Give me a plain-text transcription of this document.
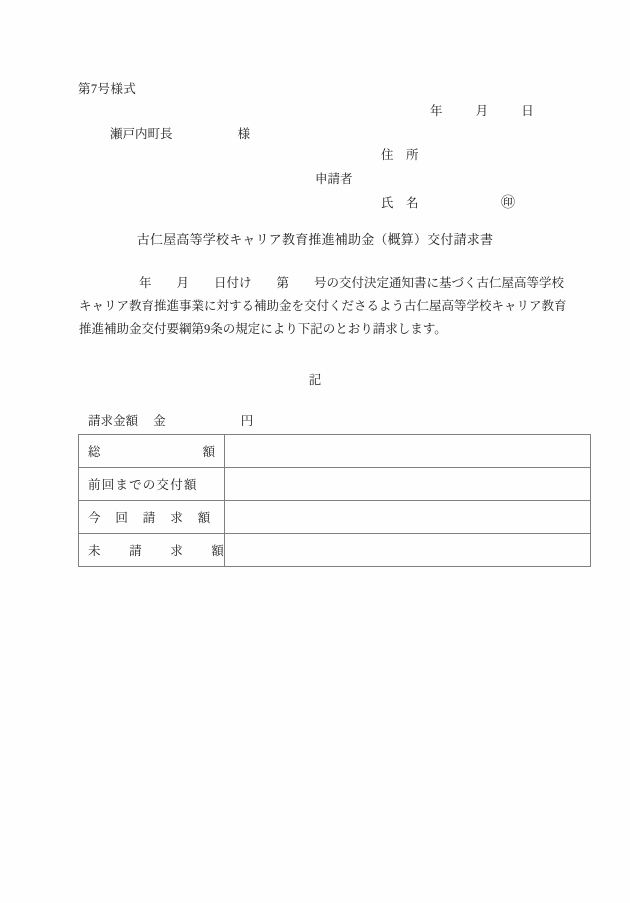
第7号様式
年	月	日
瀬戸内町長	様
住　所
申請者
氏　名	㊞
古仁屋高等学校キャリア教育推進補助金（概算）交付請求書
年　　月　　日付け　　第　　号の交付決定通知書に基づく古仁屋高等学校
キャリア教育推進事業に対する補助金を交付くださるよう古仁屋高等学校キャリア教育
推進補助金交付要綱第9条の規定により下記のとおり請求します。
記
請求金額 金	円
総 額	

前回までの交付額	

今　回　請　求　額	

未　　請　　求　　額	
